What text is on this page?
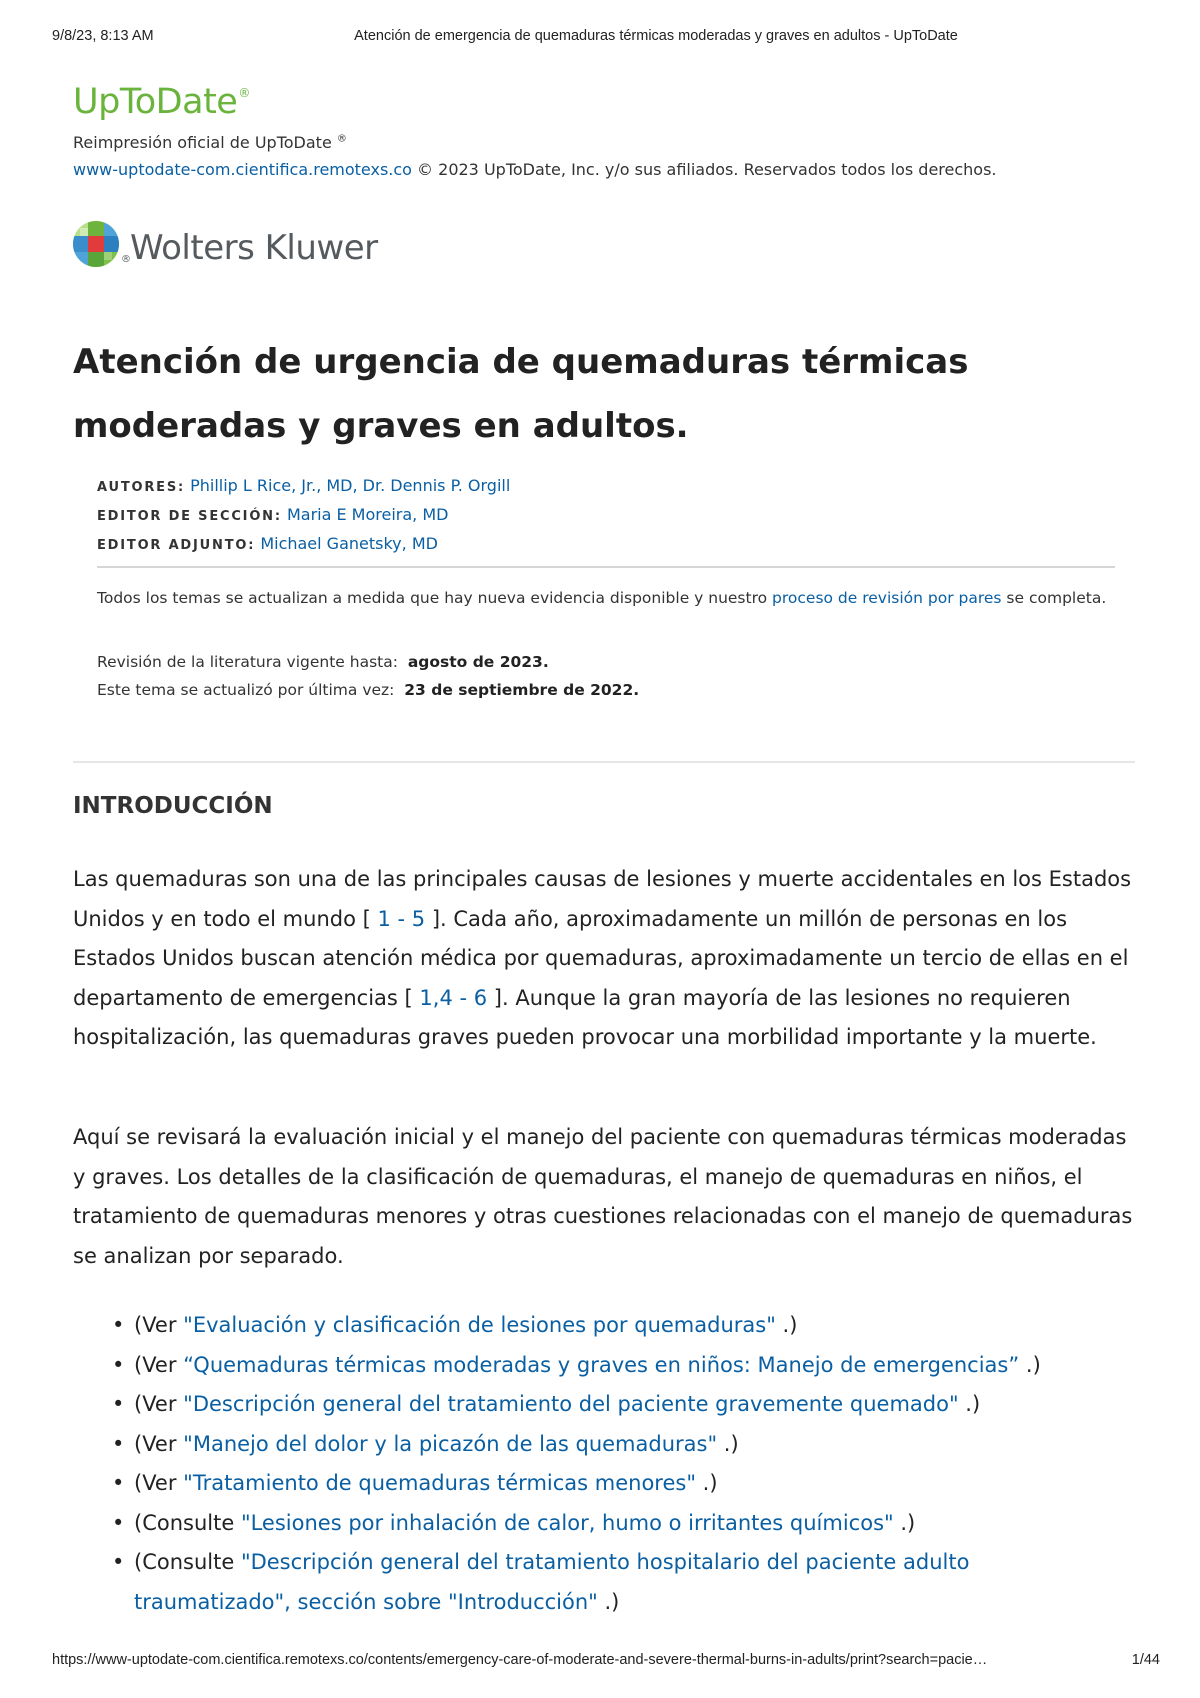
9/8/23, 8:13 AM	Atención de emergencia de quemaduras térmicas moderadas y graves en adultos - UpToDate
UpToDate®
Reimpresión oficial de UpToDate ®
www-uptodate-com.cientifica.remotexs.co © 2023 UpToDate, Inc. y/o sus afiliados. Reservados todos los derechos.
® Wolters Kluwer
Atención de urgencia de quemaduras térmicas moderadas y graves en adultos.
AUTORES: Phillip L Rice, Jr., MD, Dr. Dennis P. Orgill
EDITOR DE SECCIÓN: Maria E Moreira, MD
EDITOR ADJUNTO: Michael Ganetsky, MD
Todos los temas se actualizan a medida que hay nueva evidencia disponible y nuestro proceso de revisión por pares se completa.
Revisión de la literatura vigente hasta: agosto de 2023.
Este tema se actualizó por última vez: 23 de septiembre de 2022.
INTRODUCCIÓN

Las quemaduras son una de las principales causas de lesiones y muerte accidentales en los Estados Unidos y en todo el mundo [ 1 - 5 ]. Cada año, aproximadamente un millón de personas en los Estados Unidos buscan atención médica por quemaduras, aproximadamente un tercio de ellas en el departamento de emergencias [ 1,4 - 6 ]. Aunque la gran mayoría de las lesiones no requieren hospitalización, las quemaduras graves pueden provocar una morbilidad importante y la muerte.

Aquí se revisará la evaluación inicial y el manejo del paciente con quemaduras térmicas moderadas y graves. Los detalles de la clasificación de quemaduras, el manejo de quemaduras en niños, el tratamiento de quemaduras menores y otras cuestiones relacionadas con el manejo de quemaduras se analizan por separado.

• (Ver "Evaluación y clasificación de lesiones por quemaduras" .)
• (Ver “Quemaduras térmicas moderadas y graves en niños: Manejo de emergencias” .)
• (Ver "Descripción general del tratamiento del paciente gravemente quemado" .)
• (Ver "Manejo del dolor y la picazón de las quemaduras" .)
• (Ver "Tratamiento de quemaduras térmicas menores" .)
• (Consulte "Lesiones por inhalación de calor, humo o irritantes químicos" .)
• (Consulte "Descripción general del tratamiento hospitalario del paciente adulto traumatizado", sección sobre "Introducción" .)
https://www-uptodate-com.cientifica.remotexs.co/contents/emergency-care-of-moderate-and-severe-thermal-burns-in-adults/print?search=pacie…	1/44
